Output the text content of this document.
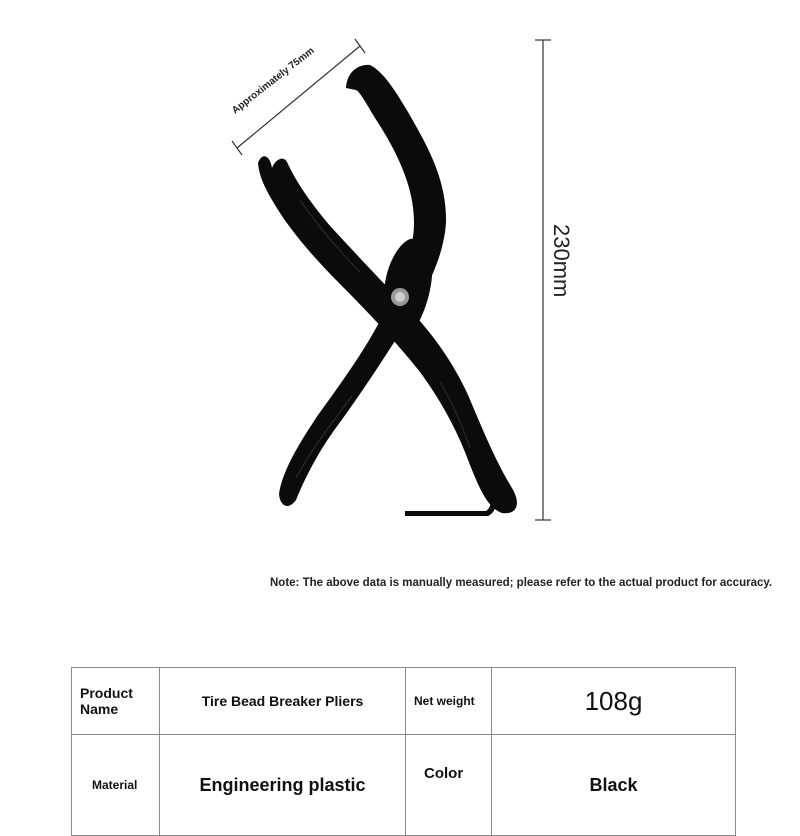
Approximately 75mm
230mm
Note: The above data is manually measured; please refer to the actual product for accuracy.
Product Name	Tire Bead Breaker Pliers	Net weight	108g
Material	Engineering plastic	Color	Black
